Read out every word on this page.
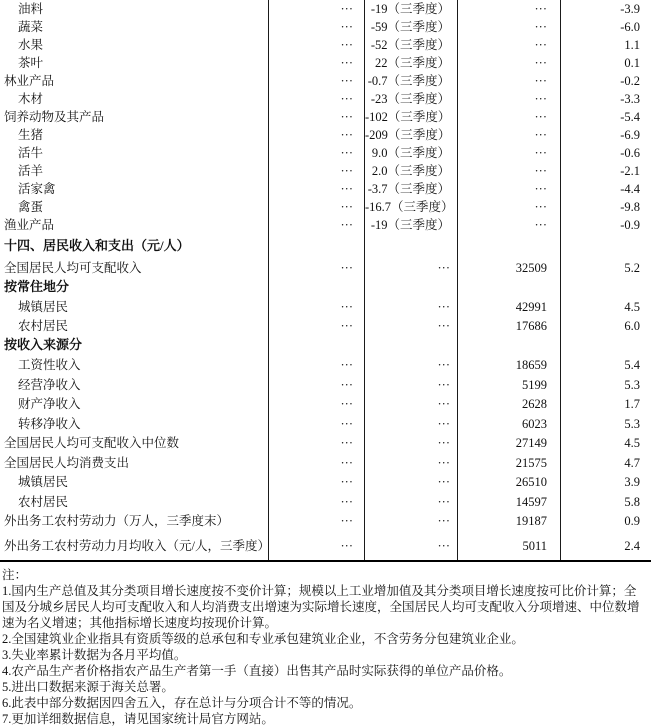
油料	···	-19（三季度）	···	-3.9
蔬菜	···	-59（三季度）	···	-6.0
水果	···	-52（三季度）	···	1.1
茶叶	···	22（三季度）	···	0.1
林业产品	···	-0.7（三季度）	···	-0.2
木材	···	-23（三季度）	···	-3.3
饲养动物及其产品	··· -102（三季度）	···	-5.4
生猪	··· -209（三季度）	···	-6.9
活牛	···	9.0（三季度）	···	-0.6
活羊	···	2.0（三季度）	···	-2.1
活家禽	···	-3.7（三季度）	···	-4.4
禽蛋	··· -16.7（三季度）	···	-9.8
渔业产品	···	-19（三季度）	···	-0.9
十四、居民收入和支出（元/人）
全国居民人均可支配收入	···	···	32509	5.2
按常住地分
城镇居民	···	···	42991	4.5
农村居民	···	···	17686	6.0
按收入来源分
工资性收入	···	···	18659	5.4
经营净收入	···	···	5199	5.3
财产净收入	···	···	2628	1.7
转移净收入	···	···	6023	5.3
全国居民人均可支配收入中位数	···	···	27149	4.5
全国居民人均消费支出	···	···	21575	4.7
城镇居民	···	···	26510	3.9
农村居民	···	···	14597	5.8
外出务工农村劳动力（万人，三季度末）	···	···	19187	0.9
外出务工农村劳动力月均收入（元/人，三季度）	···	···	5011	2.4
注：
1.国内生产总值及其分类项目增长速度按不变价计算；规模以上工业增加值及其分类项目增长速度按可比价计算；全国及分城乡居民人均可支配收入和人均消费支出增速为实际增长速度，全国居民人均可支配收入分项增速、中位数增速为名义增速；其他指标增长速度均按现价计算。
2.全国建筑业企业指具有资质等级的总承包和专业承包建筑业企业，不含劳务分包建筑业企业。
3.失业率累计数据为各月平均值。
4.农产品生产者价格指农产品生产者第一手（直接）出售其产品时实际获得的单位产品价格。
5.进出口数据来源于海关总署。
6.此表中部分数据因四舍五入，存在总计与分项合计不等的情况。
7.更加详细数据信息，请见国家统计局官方网站。
